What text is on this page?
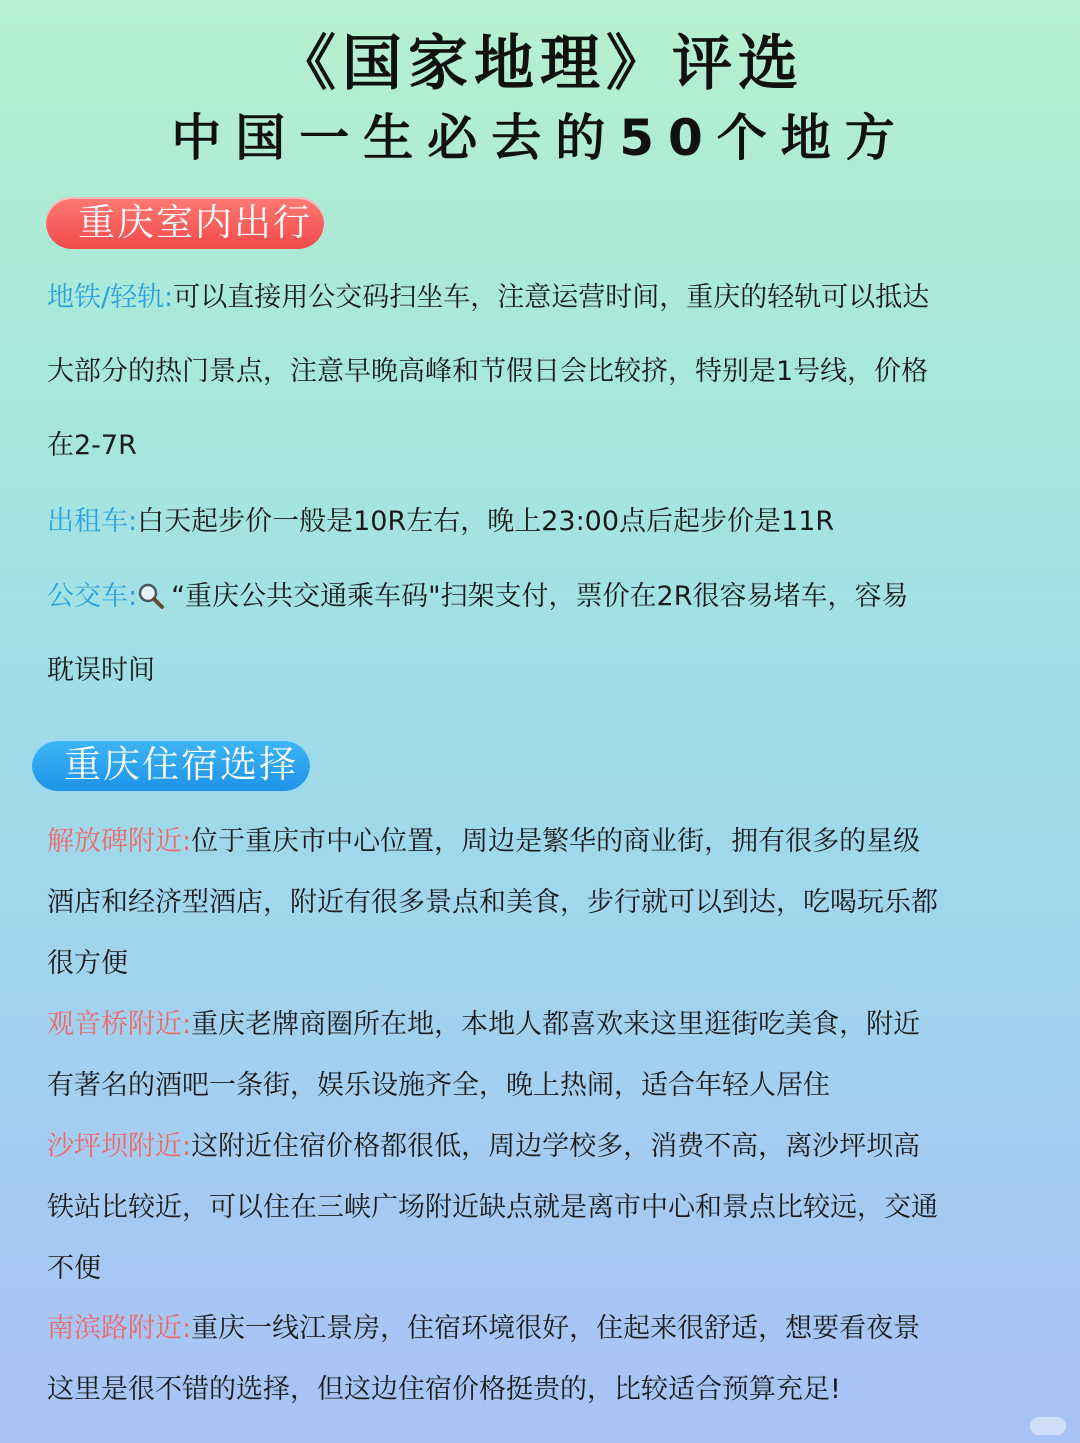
《国家地理》评选
中国一生必去的50个地方
重庆室内出行
地铁/轻轨:可以直接用公交码扫坐车，注意运营时间，重庆的轻轨可以抵达
大部分的热门景点，注意早晚高峰和节假日会比较挤，特别是1号线，价格
在2-7R
出租车:白天起步价一般是10R左右，晚上23:00点后起步价是11R
公交车: “重庆公共交通乘车码"扫架支付，票价在2R很容易堵车，容易
耽误时间
重庆住宿选择
解放碑附近:位于重庆市中心位置，周边是繁华的商业街，拥有很多的星级
酒店和经济型酒店，附近有很多景点和美食，步行就可以到达，吃喝玩乐都
很方便
观音桥附近:重庆老牌商圈所在地，本地人都喜欢来这里逛街吃美食，附近
有著名的酒吧一条街，娱乐设施齐全，晚上热闹，适合年轻人居住
沙坪坝附近:这附近住宿价格都很低，周边学校多，消费不高，离沙坪坝高
铁站比较近，可以住在三峡广场附近缺点就是离市中心和景点比较远，交通
不便
南滨路附近:重庆一线江景房，住宿环境很好，住起来很舒适，想要看夜景
这里是很不错的选择，但这边住宿价格挺贵的，比较适合预算充足!
